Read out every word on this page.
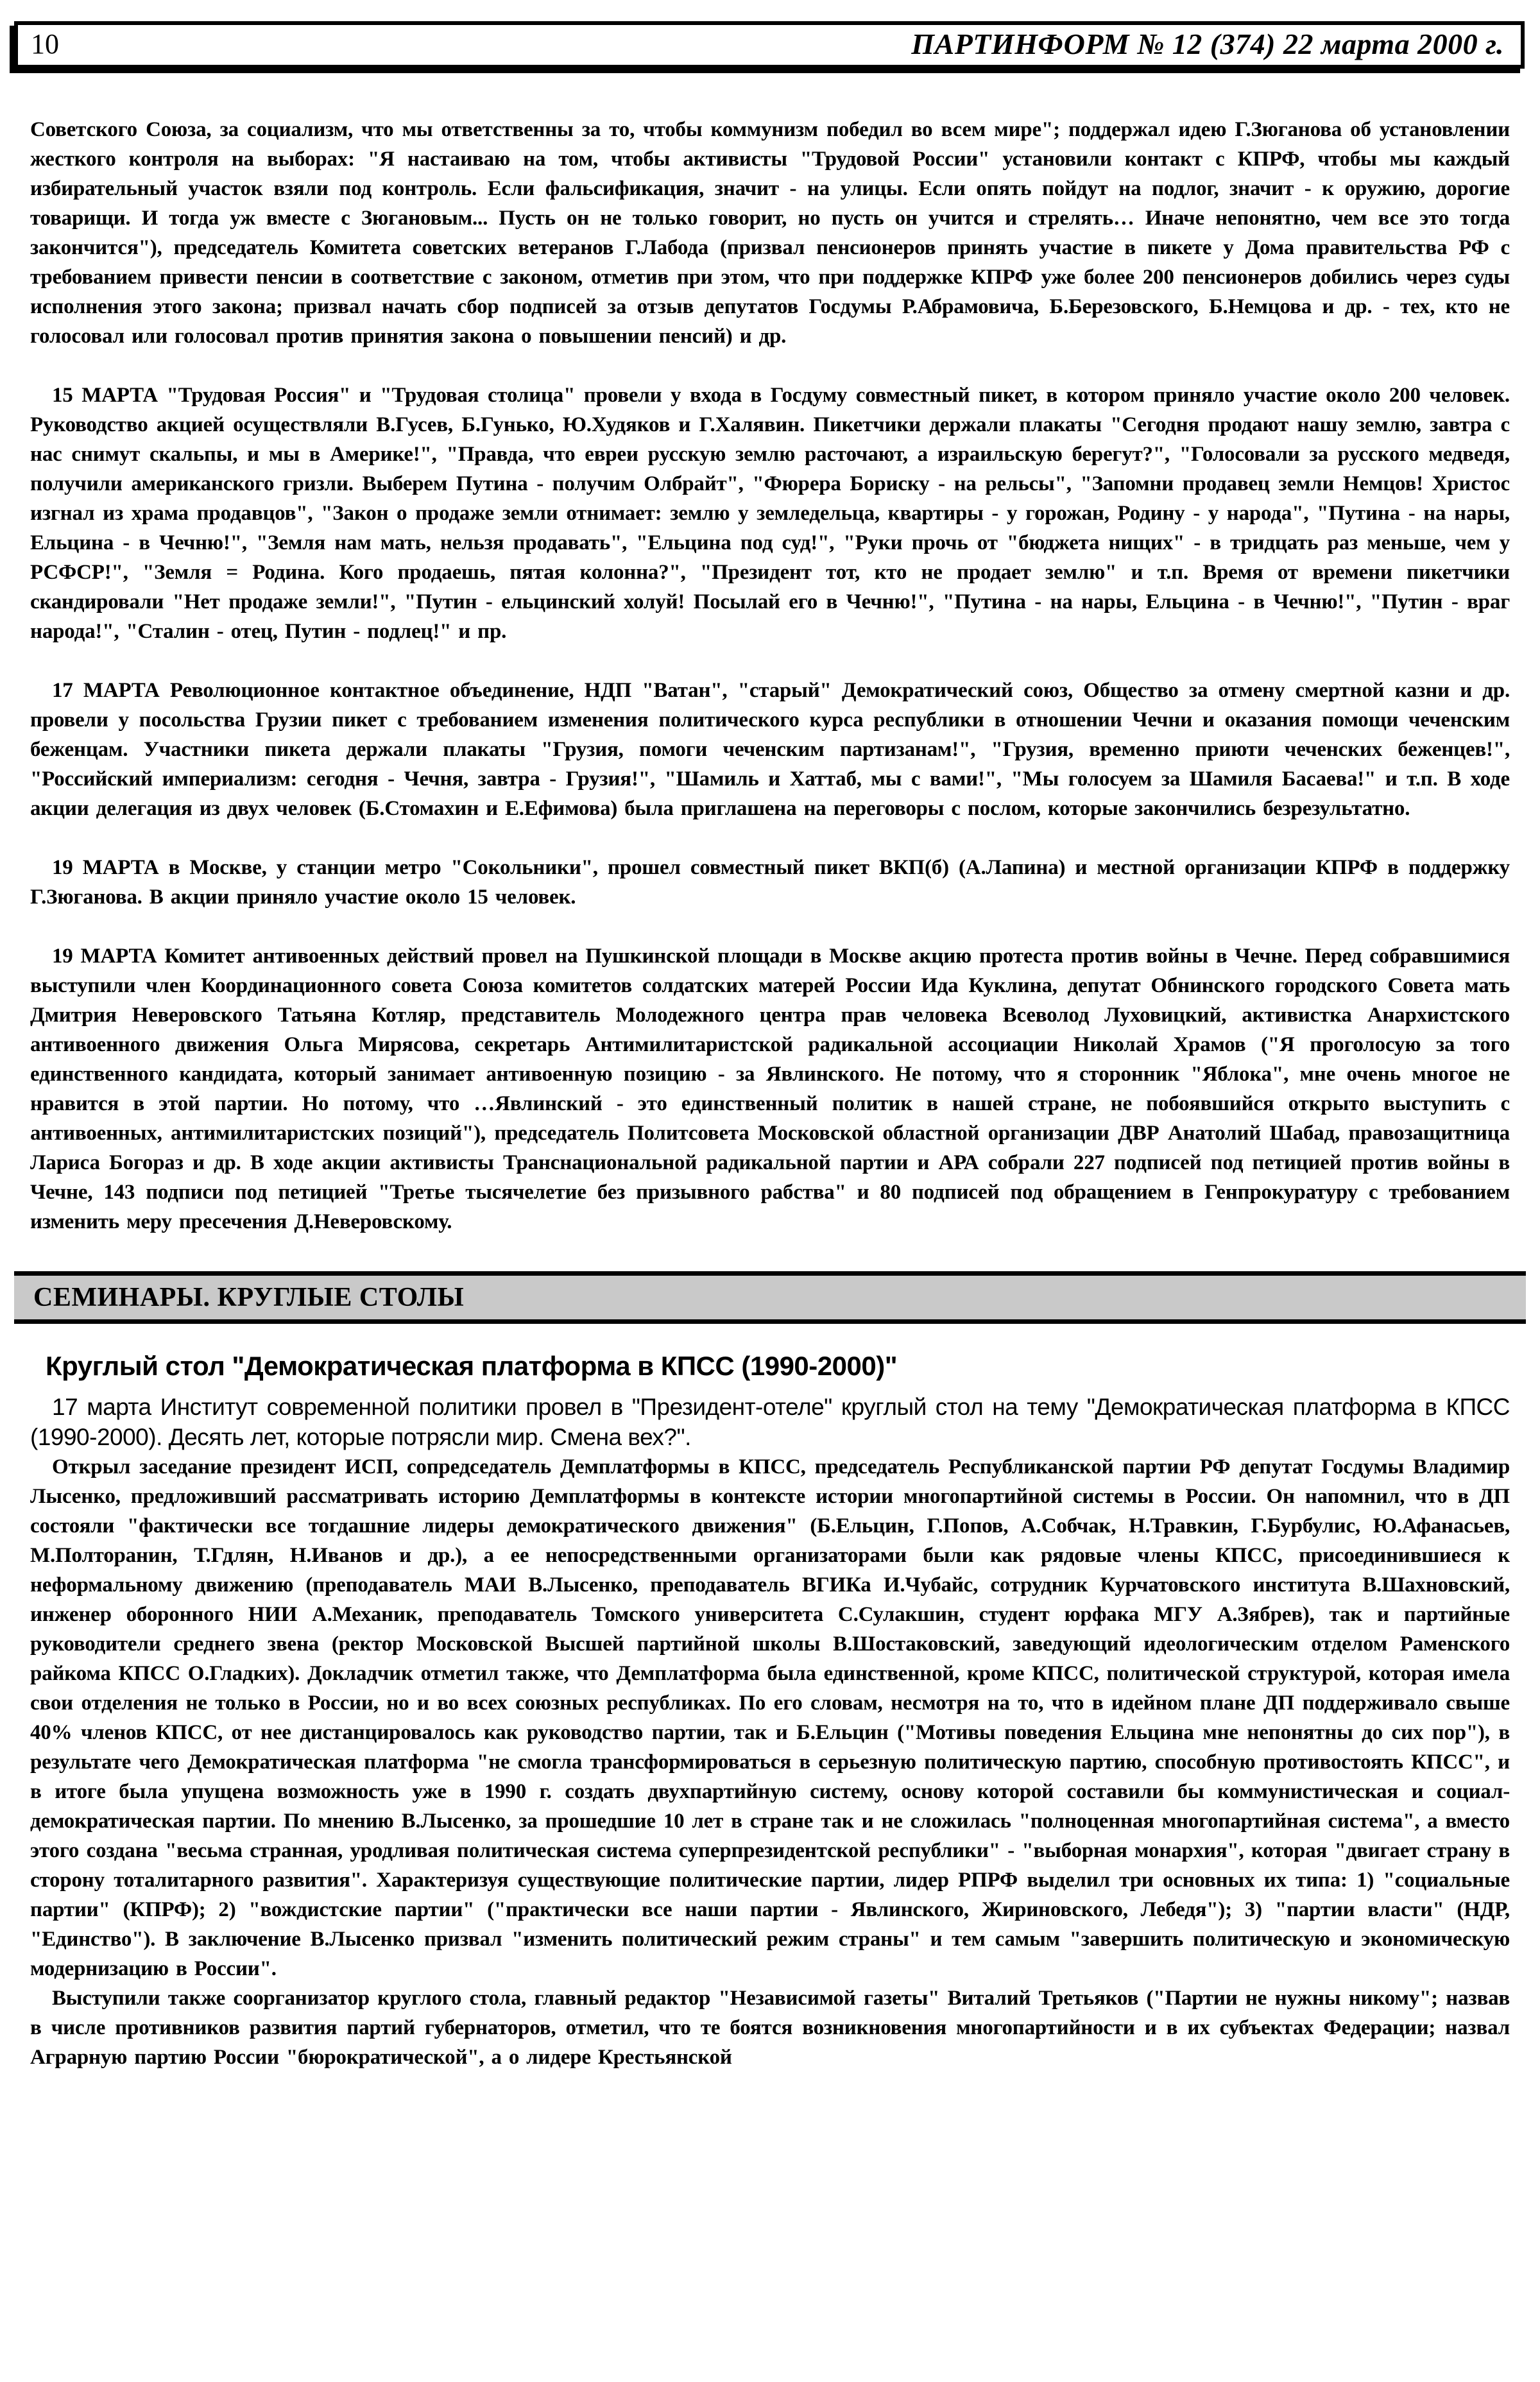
10	ПАРТИНФОРМ № 12 (374) 22 марта 2000 г.

Советского Союза, за социализм, что мы ответственны за то, чтобы коммунизм победил во всем мире"; поддержал идею Г.Зюганова об установлении жесткого контроля на выборах: "Я настаиваю на том, чтобы активисты "Трудовой России" установили контакт с КПРФ, чтобы мы каждый избирательный участок взяли под контроль. Если фальсификация, значит - на улицы. Если опять пойдут на подлог, значит - к оружию, дорогие товарищи. И тогда уж вместе с Зюгановым... Пусть он не только говорит, но пусть он учится и стрелять… Иначе непонятно, чем все это тогда закончится"), председатель Комитета советских ветеранов Г.Лабода (призвал пенсионеров принять участие в пикете у Дома правительства РФ с требованием привести пенсии в соответствие с законом, отметив при этом, что при поддержке КПРФ уже более 200 пенсионеров добились через суды исполнения этого закона; призвал начать сбор подписей за отзыв депутатов Госдумы Р.Абрамовича, Б.Березовского, Б.Немцова и др. - тех, кто не голосовал или голосовал против принятия закона о повышении пенсий) и др.

15 МАРТА "Трудовая Россия" и "Трудовая столица" провели у входа в Госдуму совместный пикет, в котором приняло участие около 200 человек. Руководство акцией осуществляли В.Гусев, Б.Гунько, Ю.Худяков и Г.Халявин. Пикетчики держали плакаты "Сегодня продают нашу землю, завтра с нас снимут скальпы, и мы в Америке!", "Правда, что евреи русскую землю расточают, а израильскую берегут?", "Голосовали за русского медведя, получили американского гризли. Выберем Путина - получим Олбрайт", "Фюрера Бориску - на рельсы", "Запомни продавец земли Немцов! Христос изгнал из храма продавцов", "Закон о продаже земли отнимает: землю у земледельца, квартиры - у горожан, Родину - у народа", "Путина - на нары, Ельцина - в Чечню!", "Земля нам мать, нельзя продавать", "Ельцина под суд!", "Руки прочь от "бюджета нищих" - в тридцать раз меньше, чем у РСФСР!", "Земля = Родина. Кого продаешь, пятая колонна?", "Президент тот, кто не продает землю" и т.п. Время от времени пикетчики скандировали "Нет продаже земли!", "Путин - ельцинский холуй! Посылай его в Чечню!", "Путина - на нары, Ельцина - в Чечню!", "Путин - враг народа!", "Сталин - отец, Путин - подлец!" и пр.

17 МАРТА Революционное контактное объединение, НДП "Ватан", "старый" Демократический союз, Общество за отмену смертной казни и др. провели у посольства Грузии пикет с требованием изменения политического курса республики в отношении Чечни и оказания помощи чеченским беженцам. Участники пикета держали плакаты "Грузия, помоги чеченским партизанам!", "Грузия, временно приюти чеченских беженцев!", "Российский империализм: сегодня - Чечня, завтра - Грузия!", "Шамиль и Хаттаб, мы с вами!", "Мы голосуем за Шамиля Басаева!" и т.п. В ходе акции делегация из двух человек (Б.Стомахин и Е.Ефимова) была приглашена на переговоры с послом, которые закончились безрезультатно.

19 МАРТА в Москве, у станции метро "Сокольники", прошел совместный пикет ВКП(б) (А.Лапина) и местной организации КПРФ в поддержку Г.Зюганова. В акции приняло участие около 15 человек.

19 МАРТА Комитет антивоенных действий провел на Пушкинской площади в Москве акцию протеста против войны в Чечне. Перед собравшимися выступили член Координационного совета Союза комитетов солдатских матерей России Ида Куклина, депутат Обнинского городского Совета мать Дмитрия Неверовского Татьяна Котляр, представитель Молодежного центра прав человека Всеволод Луховицкий, активистка Анархистского антивоенного движения Ольга Мирясова, секретарь Антимилитаристской радикальной ассоциации Николай Храмов ("Я проголосую за того единственного кандидата, который занимает антивоенную позицию - за Явлинского. Не потому, что я сторонник "Яблока", мне очень многое не нравится в этой партии. Но потому, что …Явлинский - это единственный политик в нашей стране, не побоявшийся открыто выступить с антивоенных, антимилитаристских позиций"), председатель Политсовета Московской областной организации ДВР Анатолий Шабад, правозащитница Лариса Богораз и др. В ходе акции активисты Транснациональной радикальной партии и АРА собрали 227 подписей под петицией против войны в Чечне, 143 подписи под петицией "Третье тысячелетие без призывного рабства" и 80 подписей под обращением в Генпрокуратуру с требованием изменить меру пресечения Д.Неверовскому.

СЕМИНАРЫ. КРУГЛЫЕ СТОЛЫ
Круглый стол "Демократическая платформа в КПСС (1990-2000)"

17 марта Институт современной политики провел в "Президент-отеле" круглый стол на тему "Демократическая платформа в КПСС (1990-2000). Десять лет, которые потрясли мир. Смена вех?".

Открыл заседание президент ИСП, сопредседатель Демплатформы в КПСС, председатель Республиканской партии РФ депутат Госдумы Владимир Лысенко, предложивший рассматривать историю Демплатформы в контексте истории многопартийной системы в России. Он напомнил, что в ДП состояли "фактически все тогдашние лидеры демократического движения" (Б.Ельцин, Г.Попов, А.Собчак, Н.Травкин, Г.Бурбулис, Ю.Афанасьев, М.Полторанин, Т.Гдлян, Н.Иванов и др.), а ее непосредственными организаторами были как рядовые члены КПСС, присоединившиеся к неформальному движению (преподаватель МАИ В.Лысенко, преподаватель ВГИКа И.Чубайс, сотрудник Курчатовского института В.Шахновский, инженер оборонного НИИ А.Механик, преподаватель Томского университета С.Сулакшин, студент юрфака МГУ А.Зябрев), так и партийные руководители среднего звена (ректор Московской Высшей партийной школы В.Шостаковский, заведующий идеологическим отделом Раменского райкома КПСС О.Гладких). Докладчик отметил также, что Демплатформа была единственной, кроме КПСС, политической структурой, которая имела свои отделения не только в России, но и во всех союзных республиках. По его словам, несмотря на то, что в идейном плане ДП поддерживало свыше 40% членов КПСС, от нее дистанцировалось как руководство партии, так и Б.Ельцин ("Мотивы поведения Ельцина мне непонятны до сих пор"), в результате чего Демократическая платформа "не смогла трансформироваться в серьезную политическую партию, способную противостоять КПСС", и в итоге была упущена возможность уже в 1990 г. создать двухпартийную систему, основу которой составили бы коммунистическая и социал-демократическая партии. По мнению В.Лысенко, за прошедшие 10 лет в стране так и не сложилась "полноценная многопартийная система", а вместо этого создана "весьма странная, уродливая политическая система суперпрезидентской республики" - "выборная монархия", которая "двигает страну в сторону тоталитарного развития". Характеризуя существующие политические партии, лидер РПРФ выделил три основных их типа: 1) "социальные партии" (КПРФ); 2) "вождистские партии" ("практически все наши партии - Явлинского, Жириновского, Лебедя"); 3) "партии власти" (НДР, "Единство"). В заключение В.Лысенко призвал "изменить политический режим страны" и тем самым "завершить политическую и экономическую модернизацию в России".

Выступили также соорганизатор круглого стола, главный редактор "Независимой газеты" Виталий Третьяков ("Партии не нужны никому"; назвав в числе противников развития партий губернаторов, отметил, что те боятся возникновения многопартийности и в их субъектах Федерации; назвал Аграрную партию России "бюрократической", а о лидере Крестьянской
